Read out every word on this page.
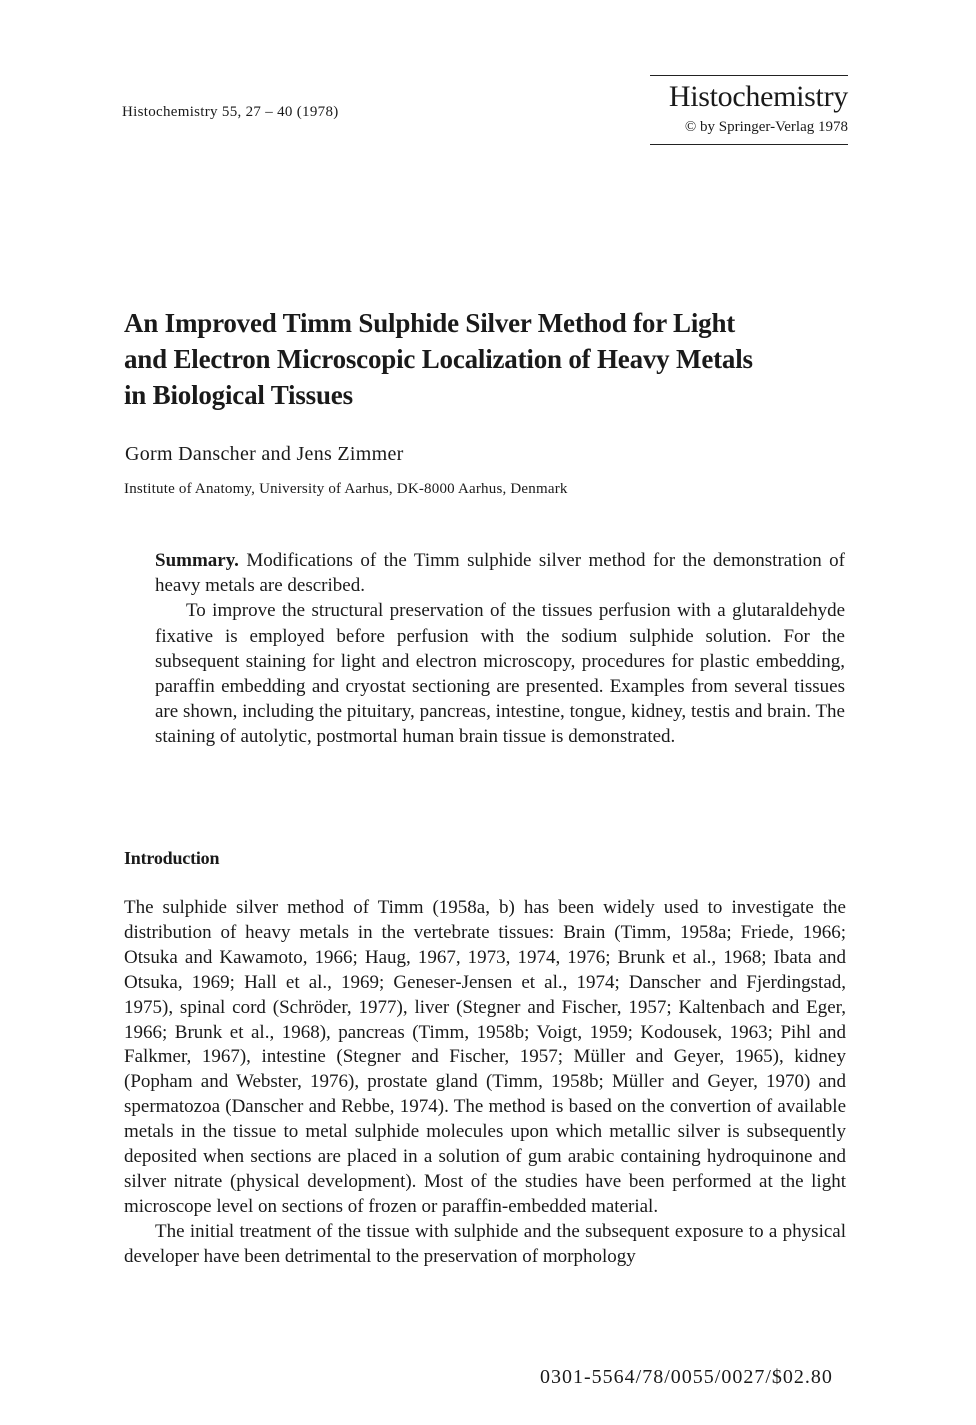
Histochemistry 55, 27 – 40 (1978)	Histochemistry
© by Springer-Verlag 1978
An Improved Timm Sulphide Silver Method for Light
and Electron Microscopic Localization of Heavy Metals
in Biological Tissues
Gorm Danscher and Jens Zimmer
Institute of Anatomy, University of Aarhus, DK-8000 Aarhus, Denmark

Summary. Modifications of the Timm sulphide silver method for the demonstration of heavy metals are described.

To improve the structural preservation of the tissues perfusion with a glutaraldehyde fixative is employed before perfusion with the sodium sulphide solution. For the subsequent staining for light and electron microscopy, procedures for plastic embedding, paraffin embedding and cryostat sectioning are presented. Examples from several tissues are shown, including the pituitary, pancreas, intestine, tongue, kidney, testis and brain. The staining of autolytic, postmortal human brain tissue is demonstrated.

Introduction

The sulphide silver method of Timm (1958a, b) has been widely used to investigate the distribution of heavy metals in the vertebrate tissues: Brain (Timm, 1958a; Friede, 1966; Otsuka and Kawamoto, 1966; Haug, 1967, 1973, 1974, 1976; Brunk et al., 1968; Ibata and Otsuka, 1969; Hall et al., 1969; Geneser-Jensen et al., 1974; Danscher and Fjerdingstad, 1975), spinal cord (Schröder, 1977), liver (Stegner and Fischer, 1957; Kaltenbach and Eger, 1966; Brunk et al., 1968), pancreas (Timm, 1958b; Voigt, 1959; Kodousek, 1963; Pihl and Falkmer, 1967), intestine (Stegner and Fischer, 1957; Müller and Geyer, 1965), kidney (Popham and Webster, 1976), prostate gland (Timm, 1958b; Müller and Geyer, 1970) and spermatozoa (Danscher and Rebbe, 1974). The method is based on the convertion of available metals in the tissue to metal sulphide molecules upon which metallic silver is subsequently deposited when sections are placed in a solution of gum arabic containing hydroquinone and silver nitrate (physical development). Most of the studies have been performed at the light microscope level on sections of frozen or paraffin-embedded material.

The initial treatment of the tissue with sulphide and the subsequent exposure to a physical developer have been detrimental to the preservation of morphology

0301-5564/78/0055/0027/$02.80
